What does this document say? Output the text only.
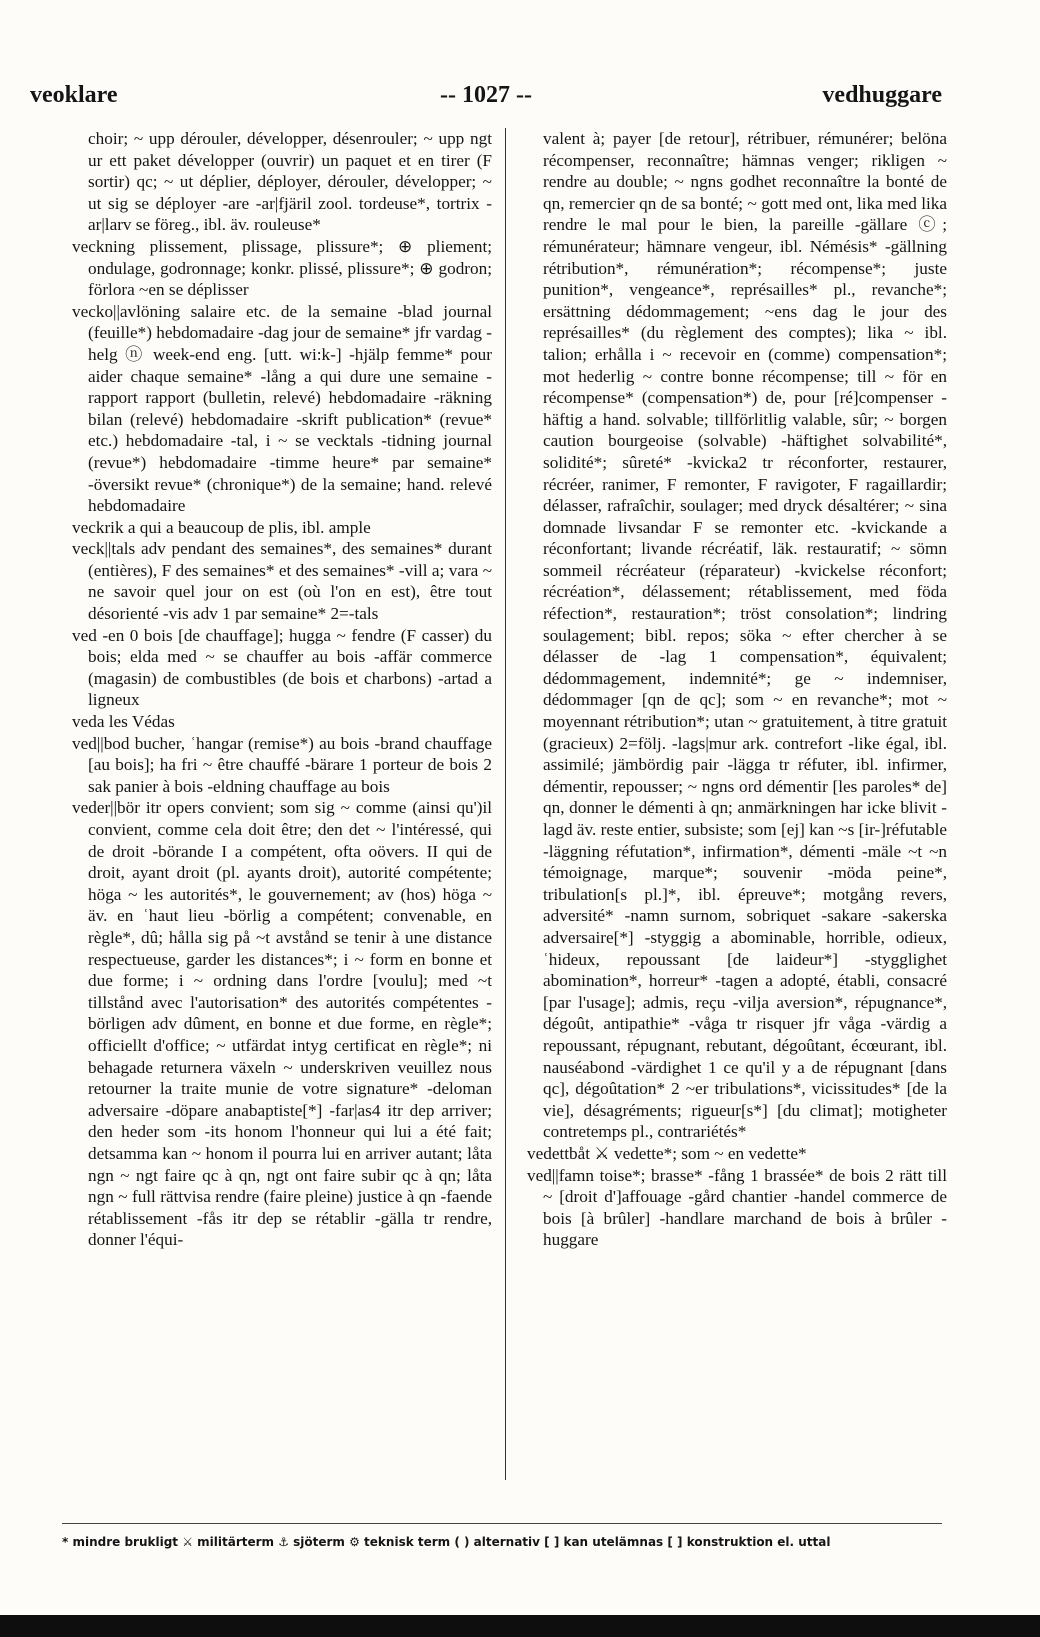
veoklare	-- 1027 --	vedhuggare

choir; ~ upp dérouler, développer, désenrouler; ~ upp ngt ur ett paket développer (ouvrir) un paquet et en tirer (F sortir) qc; ~ ut déplier, déployer, dérouler, développer; ~ ut sig se déployer -are -ar|fjäril zool. tordeuse*, tortrix -ar|larv se föreg., ibl. äv. rouleuse*

veckning plissement, plissage, plissure*; ⊕ pliement; ondulage, godronnage; konkr. plissé, plissure*; ⊕ godron; förlora ~en se déplisser

vecko||avlöning salaire etc. de la semaine -blad journal (feuille*) hebdomadaire -dag jour de semaine* jfr vardag -helg ⓝ week-end eng. [utt. wi:k-] -hjälp femme* pour aider chaque semaine* -lång a qui dure une semaine -rapport rapport (bulletin, relevé) hebdomadaire -räkning bilan (relevé) hebdomadaire -skrift publication* (revue* etc.) hebdomadaire -tal, i ~ se vecktals -tidning journal (revue*) hebdomadaire -timme heure* par semaine* -översikt revue* (chronique*) de la semaine; hand. relevé hebdomadaire

veckrik a qui a beaucoup de plis, ibl. ample

veck||tals adv pendant des semaines*, des semaines* durant (entières), F des semaines* et des semaines* -vill a; vara ~ ne savoir quel jour on est (où l'on en est), être tout désorienté -vis adv 1 par semaine* 2=-tals

ved -en 0 bois [de chauffage]; hugga ~ fendre (F casser) du bois; elda med ~ se chauffer au bois -affär commerce (magasin) de combustibles (de bois et charbons) -artad a ligneux

veda les Védas

ved||bod bucher, ʿhangar (remise*) au bois -brand chauffage [au bois]; ha fri ~ être chauffé -bärare 1 porteur de bois 2 sak panier à bois -eldning chauffage au bois

veder||bör itr opers convient; som sig ~ comme (ainsi qu')il convient, comme cela doit être; den det ~ l'intéressé, qui de droit -börande I a compétent, ofta oövers. II qui de droit, ayant droit (pl. ayants droit), autorité compétente; höga ~ les autorités*, le gouvernement; av (hos) höga ~ äv. en ʿhaut lieu -börlig a compétent; convenable, en règle*, dû; hålla sig på ~t avstånd se tenir à une distance respectueuse, garder les distances*; i ~ form en bonne et due forme; i ~ ordning dans l'ordre [voulu]; med ~t tillstånd avec l'autorisation* des autorités compétentes -börligen adv dûment, en bonne et due forme, en règle*; officiellt d'office; ~ utfärdat intyg certificat en règle*; ni behagade returnera växeln ~ underskriven veuillez nous retourner la traite munie de votre signature* -deloman adversaire -döpare anabaptiste[*] -far|as4 itr dep arriver; den heder som -its honom l'honneur qui lui a été fait; detsamma kan ~ honom il pourra lui en arriver autant; låta ngn ~ ngt faire qc à qn, ngt ont faire subir qc à qn; låta ngn ~ full rättvisa rendre (faire pleine) justice à qn -faende rétablissement -fås itr dep se rétablir -gälla tr rendre, donner l'équi-

valent à; payer [de retour], rétribuer, rémunérer; belöna récompenser, reconnaître; hämnas venger; rikligen ~ rendre au double; ~ ngns godhet reconnaître la bonté de qn, remercier qn de sa bonté; ~ gott med ont, lika med lika rendre le mal pour le bien, la pareille -gällare ⓒ; rémunérateur; hämnare vengeur, ibl. Némésis* -gällning rétribution*, rémunération*; récompense*; juste punition*, vengeance*, représailles* pl., revanche*; ersättning dédommagement; ~ens dag le jour des représailles* (du règlement des comptes); lika ~ ibl. talion; erhålla i ~ recevoir en (comme) compensation*; mot hederlig ~ contre bonne récompense; till ~ för en récompense* (compensation*) de, pour [ré]compenser -häftig a hand. solvable; tillförlitlig valable, sûr; ~ borgen caution bourgeoise (solvable) -häftighet solvabilité*, solidité*; sûreté* -kvicka2 tr réconforter, restaurer, récréer, ranimer, F remonter, F ravigoter, F ragaillardir; délasser, rafraîchir, soulager; med dryck désaltérer; ~ sina domnade livsandar F se remonter etc. -kvickande a réconfortant; livande récréatif, läk. restauratif; ~ sömn sommeil récréateur (réparateur) -kvickelse réconfort; récréation*, délassement; rétablissement, med föda réfection*, restauration*; tröst consolation*; lindring soulagement; bibl. repos; söka ~ efter chercher à se délasser de -lag 1 compensation*, équivalent; dédommagement, indemnité*; ge ~ indemniser, dédommager [qn de qc]; som ~ en revanche*; mot ~ moyennant rétribution*; utan ~ gratuitement, à titre gratuit (gracieux) 2=följ. -lags|mur ark. contrefort -like égal, ibl. assimilé; jämbördig pair -lägga tr réfuter, ibl. infirmer, démentir, repousser; ~ ngns ord démentir [les paroles* de] qn, donner le démenti à qn; anmärkningen har icke blivit -lagd äv. reste entier, subsiste; som [ej] kan ~s [ir-]réfutable -läggning réfutation*, infirmation*, démenti -mäle ~t ~n témoignage, marque*; souvenir -möda peine*, tribulation[s pl.]*, ibl. épreuve*; motgång revers, adversité* -namn surnom, sobriquet -sakare -sakerska adversaire[*] -styggig a abominable, horrible, odieux, ʿhideux, repoussant [de laideur*] -stygglighet abomination*, horreur* -tagen a adopté, établi, consacré [par l'usage]; admis, reçu -vilja aversion*, répugnance*, dégoût, antipathie* -våga tr risquer jfr våga -värdig a repoussant, répugnant, rebutant, dégoûtant, écœurant, ibl. nauséabond -värdighet 1 ce qu'il y a de répugnant [dans qc], dégoûtation* 2 ~er tribulations*, vicissitudes* [de la vie], désagréments; rigueur[s*] [du climat]; motigheter contretemps pl., contrariétés*

vedettbåt ⚔ vedette*; som ~ en vedette*

ved||famn toise*; brasse* -fång 1 brassée* de bois 2 rätt till ~ [droit d']affouage -gård chantier -handel commerce de bois [à brûler] -handlare marchand de bois à brûler -huggare

* mindre brukligt ⚔ militärterm ⚓ sjöterm ⚙ teknisk term ( ) alternativ [ ] kan utelämnas [ ] konstruktion el. uttal
